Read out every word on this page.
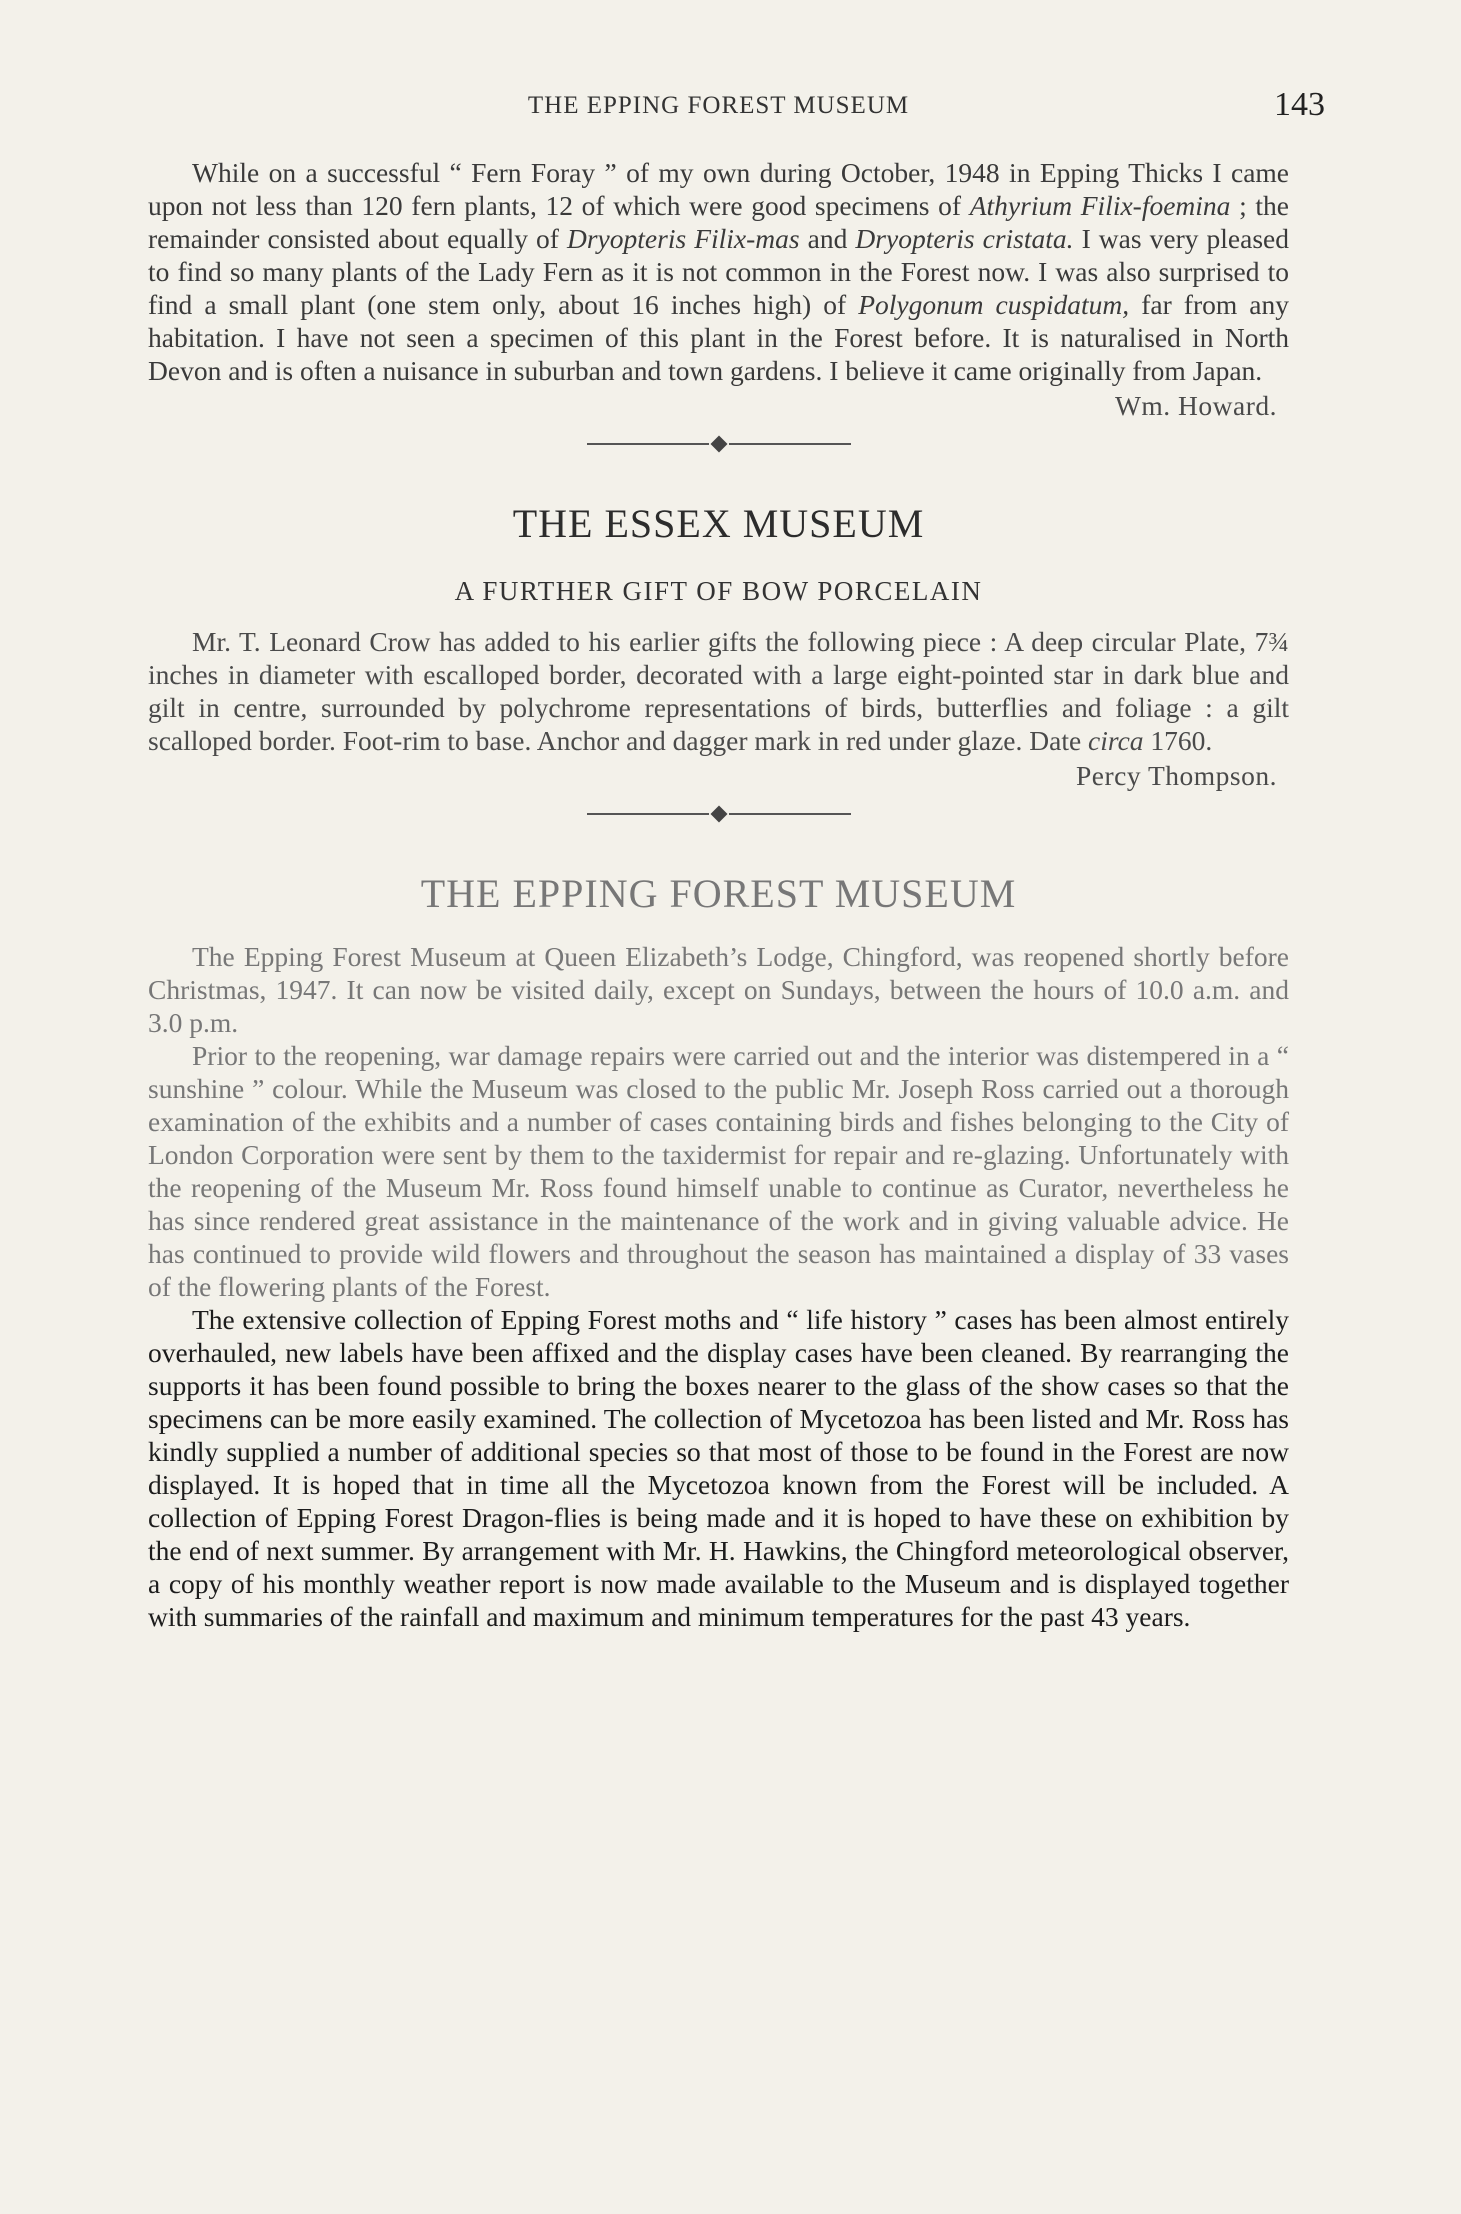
THE EPPING FOREST MUSEUM	143

While on a successful “ Fern Foray ” of my own during October, 1948 in Epping Thicks I came upon not less than 120 fern plants, 12 of which were good specimens of Athyrium Filix-foemina ; the remainder consisted about equally of Dryopteris Filix-mas and Dryopteris cristata. I was very pleased to find so many plants of the Lady Fern as it is not common in the Forest now. I was also surprised to find a small plant (one stem only, about 16 inches high) of Polygonum cuspidatum, far from any habitation. I have not seen a specimen of this plant in the Forest before. It is naturalised in North Devon and is often a nuisance in suburban and town gardens. I believe it came originally from Japan.

Wm. Howard.
THE ESSEX MUSEUM
A FURTHER GIFT OF BOW PORCELAIN

Mr. T. Leonard Crow has added to his earlier gifts the following piece : A deep circular Plate, 7¾ inches in diameter with escalloped border, decorated with a large eight-pointed star in dark blue and gilt in centre, surrounded by polychrome representations of birds, butterflies and foliage : a gilt scalloped border. Foot-rim to base. Anchor and dagger mark in red under glaze. Date circa 1760.

Percy Thompson.
THE EPPING FOREST MUSEUM

The Epping Forest Museum at Queen Elizabeth’s Lodge, Chingford, was reopened shortly before Christmas, 1947. It can now be visited daily, except on Sundays, between the hours of 10.0 a.m. and 3.0 p.m.

Prior to the reopening, war damage repairs were carried out and the interior was distempered in a “ sunshine ” colour. While the Museum was closed to the public Mr. Joseph Ross carried out a thorough examination of the exhibits and a number of cases containing birds and fishes belonging to the City of London Corporation were sent by them to the taxidermist for repair and re-glazing. Unfortunately with the reopening of the Museum Mr. Ross found himself unable to continue as Curator, nevertheless he has since rendered great assistance in the maintenance of the work and in giving valuable advice. He has continued to provide wild flowers and throughout the season has maintained a display of 33 vases of the flowering plants of the Forest.

The extensive collection of Epping Forest moths and “ life history ” cases has been almost entirely overhauled, new labels have been affixed and the display cases have been cleaned. By rearranging the supports it has been found possible to bring the boxes nearer to the glass of the show cases so that the specimens can be more easily examined. The collection of Mycetozoa has been listed and Mr. Ross has kindly supplied a number of additional species so that most of those to be found in the Forest are now displayed. It is hoped that in time all the Mycetozoa known from the Forest will be included. A collection of Epping Forest Dragon-flies is being made and it is hoped to have these on exhibition by the end of next summer. By arrangement with Mr. H. Hawkins, the Chingford meteorological observer, a copy of his monthly weather report is now made available to the Museum and is displayed together with summaries of the rainfall and maximum and minimum temperatures for the past 43 years.
